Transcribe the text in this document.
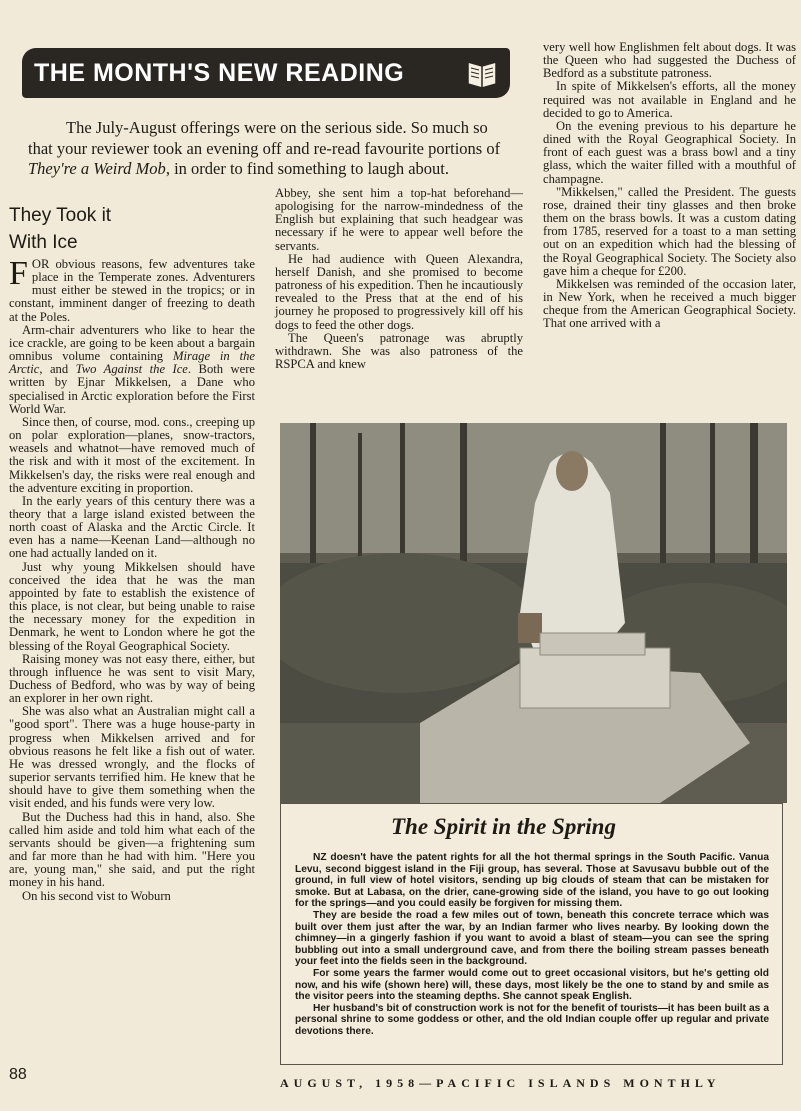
THE MONTH'S NEW READING
The July-August offerings were on the serious side. So much so that your reviewer took an evening off and re-read favourite portions of They're a Weird Mob, in order to find something to laugh about.
They Took it With Ice

FOR obvious reasons, few adventures take place in the Temperate zones. Adventurers must either be stewed in the tropics; or in constant, imminent danger of freezing to death at the Poles.

Arm-chair adventurers who like to hear the ice crackle, are going to be keen about a bargain omnibus volume containing Mirage in the Arctic, and Two Against the Ice. Both were written by Ejnar Mikkelsen, a Dane who specialised in Arctic exploration before the First World War.

Since then, of course, mod. cons., creeping up on polar exploration—planes, snow-tractors, weasels and whatnot—have removed much of the risk and with it most of the excitement. In Mikkelsen's day, the risks were real enough and the adventure exciting in proportion.

In the early years of this century there was a theory that a large island existed between the north coast of Alaska and the Arctic Circle. It even has a name—Keenan Land—although no one had actually landed on it.

Just why young Mikkelsen should have conceived the idea that he was the man appointed by fate to establish the existence of this place, is not clear, but being unable to raise the necessary money for the expedition in Denmark, he went to London where he got the blessing of the Royal Geographical Society.

Raising money was not easy there, either, but through influence he was sent to visit Mary, Duchess of Bedford, who was by way of being an explorer in her own right.

She was also what an Australian might call a "good sport". There was a huge house-party in progress when Mikkelsen arrived and for obvious reasons he felt like a fish out of water. He was dressed wrongly, and the flocks of superior servants terrified him. He knew that he should have to give them something when the visit ended, and his funds were very low.

But the Duchess had this in hand, also. She called him aside and told him what each of the servants should be given—a frightening sum and far more than he had with him. "Here you are, young man," she said, and put the right money in his hand.

On his second vist to Woburn

Abbey, she sent him a top-hat beforehand—apologising for the narrow-mindedness of the English but explaining that such headgear was necessary if he were to appear well before the servants.

He had audience with Queen Alexandra, herself Danish, and she promised to become patroness of his expedition. Then he incautiously revealed to the Press that at the end of his journey he proposed to progressively kill off his dogs to feed the other dogs.

The Queen's patronage was abruptly withdrawn. She was also patroness of the RSPCA and knew

very well how Englishmen felt about dogs. It was the Queen who had suggested the Duchess of Bedford as a substitute patroness.

In spite of Mikkelsen's efforts, all the money required was not available in England and he decided to go to America.

On the evening previous to his departure he dined with the Royal Geographical Society. In front of each guest was a brass bowl and a tiny glass, which the waiter filled with a mouthful of champagne.

"Mikkelsen," called the President. The guests rose, drained their tiny glasses and then broke them on the brass bowls. It was a custom dating from 1785, reserved for a toast to a man setting out on an expedition which had the blessing of the Royal Geographical Society. The Society also gave him a cheque for £200.

Mikkelsen was reminded of the occasion later, in New York, when he received a much bigger cheque from the American Geographical Society. That one arrived with a

The Spirit in the Spring

NZ doesn't have the patent rights for all the hot thermal springs in the South Pacific. Vanua Levu, second biggest island in the Fiji group, has several. Those at Savusavu bubble out of the ground, in full view of hotel visitors, sending up big clouds of steam that can be mistaken for smoke. But at Labasa, on the drier, cane-growing side of the island, you have to go out looking for the springs—and you could easily be forgiven for missing them.

They are beside the road a few miles out of town, beneath this concrete terrace which was built over them just after the war, by an Indian farmer who lives nearby. By looking down the chimney—in a gingerly fashion if you want to avoid a blast of steam—you can see the spring bubbling out into a small underground cave, and from there the boiling stream passes beneath your feet into the fields seen in the background.

For some years the farmer would come out to greet occasional visitors, but he's getting old now, and his wife (shown here) will, these days, most likely be the one to stand by and smile as the visitor peers into the steaming depths. She cannot speak English.

Her husband's bit of construction work is not for the benefit of tourists—it has been built as a personal shrine to some goddess or other, and the old Indian couple offer up regular and private devotions there.

88	AUGUST, 1958—PACIFIC ISLANDS MONTHLY
